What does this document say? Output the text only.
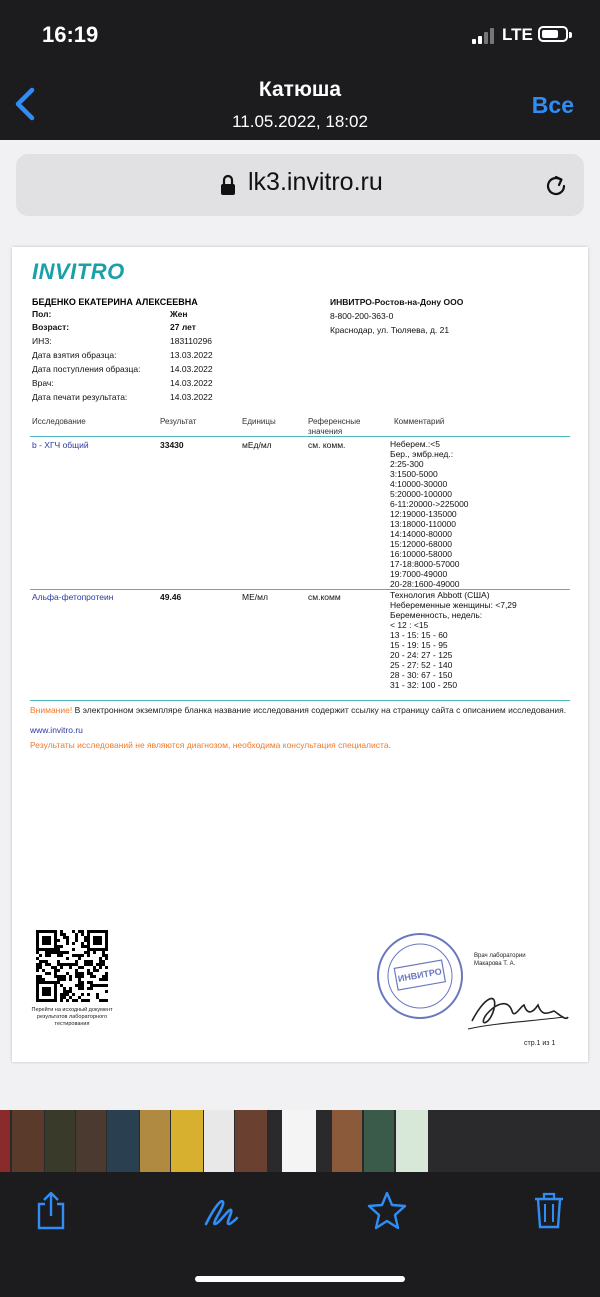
16:19	LTE
Катюша
11.05.2022, 18:02
Все
lk3.invitro.ru
INVITRO
БЕДЕНКО ЕКАТЕРИНА АЛЕКСЕЕВНА
Пол:	Жен
Возраст:	27 лет
ИНЗ:	183110296
Дата взятия образца:	13.03.2022
Дата поступления образца:	14.03.2022
Врач:	14.03.2022
Дата печати результата:	14.03.2022
ИНВИТРО-Ростов-на-Дону ООО
8-800-200-363-0
Краснодар, ул. Тюляева, д. 21
Исследование	Результат	Единицы	Референсные значения
Комментарий
b - ХГЧ общий	33430	мЕд/мл	см. комм.	Неберем.:<5
Бер., эмбр.нед.:
2:25-300
3:1500-5000
4:10000-30000
5:20000-100000
6-11:20000->225000
12:19000-135000
13:18000-110000
14:14000-80000
15:12000-68000
16:10000-58000
17-18:8000-57000
19:7000-49000
20-28:1600-49000
Альфа-фетопротеин	49.46	МЕ/мл	см.комм	Технология Abbott (США)
Небеременные женщины: <7,29
Беременность, недель:
< 12 : <15
13 - 15: 15 - 60
15 - 19: 15 - 95
20 - 24: 27 - 125
25 - 27: 52 - 140
28 - 30: 67 - 150
31 - 32: 100 - 250
Внимание! В электронном экземпляре бланка название исследования содержит ссылку на страницу сайта с описанием исследования.
www.invitro.ru
Результаты исследований не являются диагнозом, необходима консультация специалиста.
Перейти на исходный документ результатов лабораторного тестирования
ИНВИТРО
Врач лаборатории
Макарова Т. А.
стр.1 из 1
